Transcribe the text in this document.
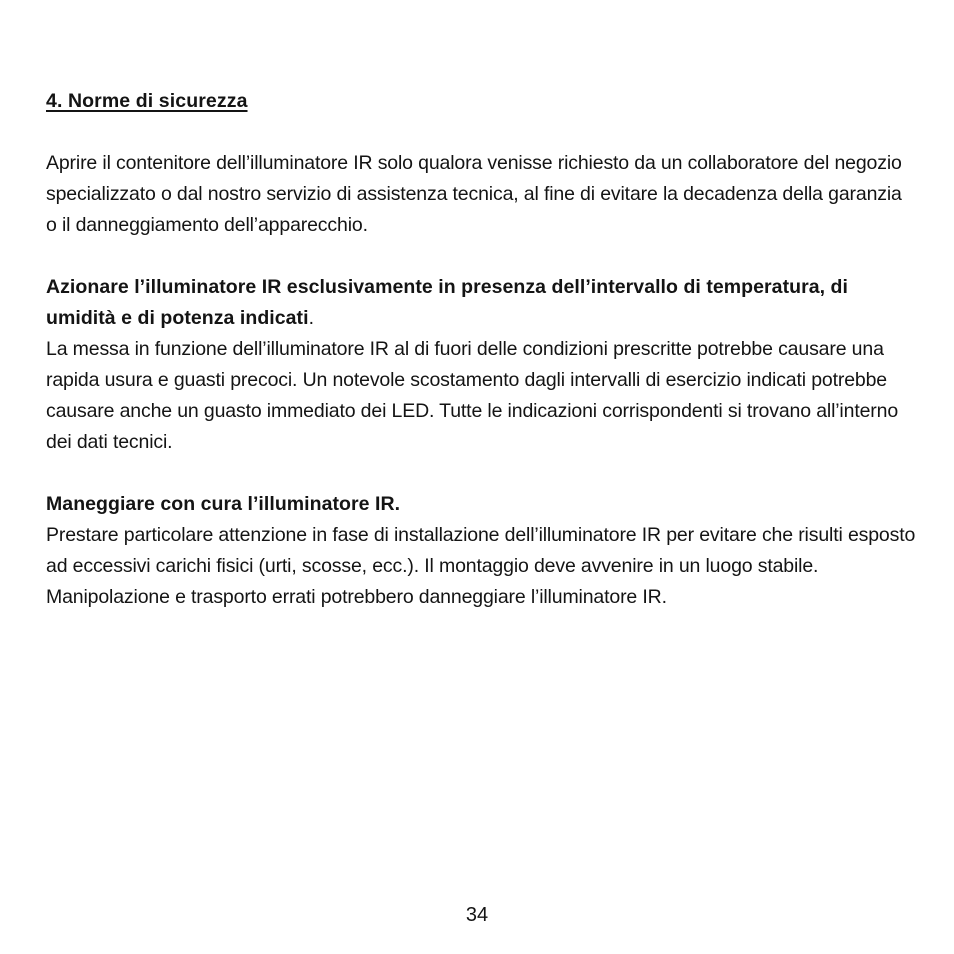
4. Norme di sicurezza
Aprire il contenitore dell’illuminatore IR solo qualora venisse richiesto da un collaboratore del negozio specializzato o dal nostro servizio di assistenza tecnica, al fine di evitare la decadenza della garanzia o il danneggiamento dell’apparecchio.
Azionare l’illuminatore IR esclusivamente in presenza dell’intervallo di temperatura, di umidità e di potenza indicati.
La messa in funzione dell’illuminatore IR al di fuori delle condizioni prescritte potrebbe causare una rapida usura e guasti precoci. Un notevole scostamento dagli intervalli di esercizio indicati potrebbe causare anche un guasto immediato dei LED. Tutte le indicazioni corrispondenti si trovano all’interno dei dati tecnici.
Maneggiare con cura l’illuminatore IR.
Prestare particolare attenzione in fase di installazione dell’illuminatore IR per evitare che risulti esposto ad eccessivi carichi fisici (urti, scosse, ecc.). Il montaggio deve avvenire in un luogo stabile. Manipolazione e trasporto errati potrebbero danneggiare l’illuminatore IR.
34
